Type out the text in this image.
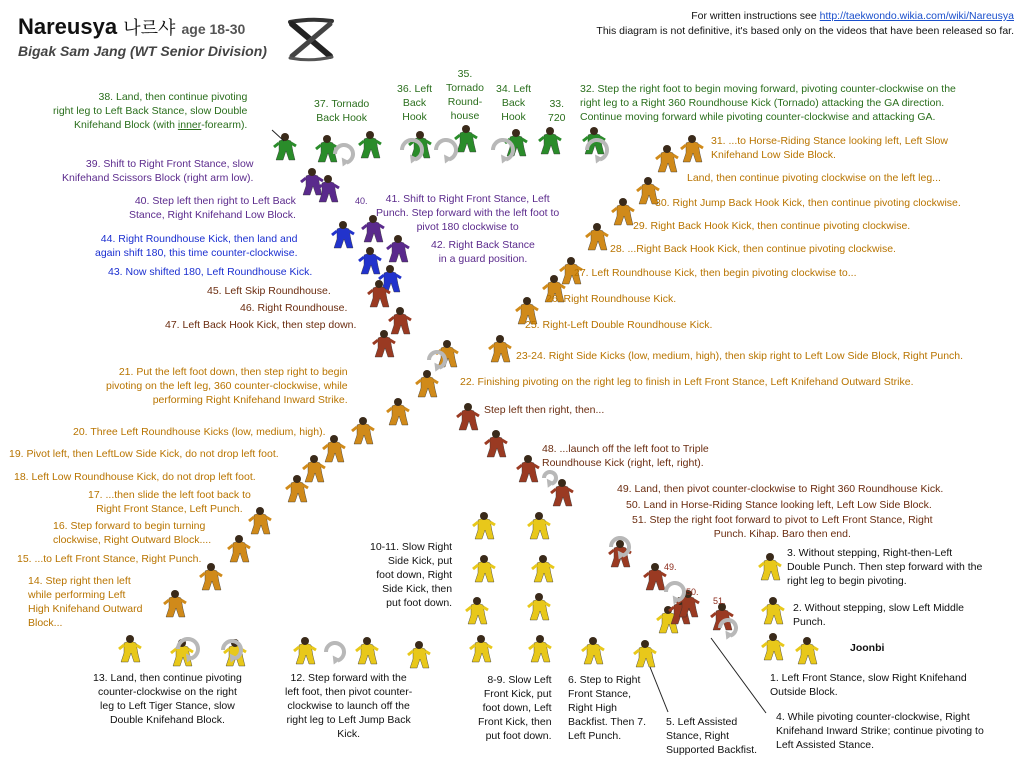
Nareusya 나르샤 age 18-30
Bigak Sam Jang (WT Senior Division)
For written instructions see http://taekwondo.wikia.com/wiki/Nareusya
This diagram is not definitive, it's based only on the videos that have been released so far.
1. Left Front Stance, slow Right Knifehand
Outside Block.
2. Without stepping, slow Left Middle
Punch.
3. Without stepping, Right-then-Left
Double Punch. Then step forward with the
right leg to begin pivoting.
4. While pivoting counter-clockwise, Right
Knifehand Inward Strike; continue pivoting to
Left Assisted Stance.
5. Left Assisted
Stance, Right
Supported Backfist.
6. Step to Right
Front Stance,
Right High
Backfist. Then 7.
Left Punch.
8-9. Slow Left
Front Kick, put
foot down, Left
Front Kick, then
put foot down.
10-11. Slow Right
Side Kick, put
foot down, Right
Side Kick, then
put foot down.
12. Step forward with the
left foot, then pivot counter-
clockwise to launch off the
right leg to Left Jump Back
Kick.
13. Land, then continue pivoting
counter-clockwise on the right
leg to Left Tiger Stance, slow
Double Knifehand Block.
14. Step right then left
while performing Left
High Knifehand Outward
Block...
15. ...to Left Front Stance, Right Punch.
16. Step forward to begin turning
clockwise, Right Outward Block....
17. ...then slide the left foot back to
Right Front Stance, Left Punch.
18. Left Low Roundhouse Kick, do not drop left foot.
19. Pivot left, then LeftLow Side Kick, do not drop left foot.
20. Three Left Roundhouse Kicks (low, medium, high).
21. Put the left foot down, then step right to begin
pivoting on the left leg, 360 counter-clockwise, while
performing Right Knifehand Inward Strike.
22. Finishing pivoting on the right leg to finish in Left Front Stance, Left Knifehand Outward Strike.
23-24. Right Side Kicks (low, medium, high), then skip right to Left Low Side Block, Right Punch.
25. Right-Left Double Roundhouse Kick.
26. Right Roundhouse Kick.
27. Left Roundhouse Kick, then begin pivoting clockwise to...
28. ...Right Back Hook Kick, then continue pivoting clockwise.
29. Right Back Hook Kick, then continue pivoting clockwise.
30. Right Jump Back Hook Kick, then continue pivoting clockwise.
Land, then continue pivoting clockwise on the left leg...
31. ...to Horse-Riding Stance looking left, Left Slow
Knifehand Low Side Block.
32. Step the right foot to begin moving forward, pivoting counter-clockwise on the
right leg to a Right 360 Roundhouse Kick (Tornado) attacking the GA direction.
Continue moving forward while pivoting counter-clockwise and attacking GA.
33.
720
34. Left
Back
Hook
35.
Tornado
Round-
house
36. Left
Back
Hook
37. Tornado
Back Hook
38. Land, then continue pivoting
right leg to Left Back Stance, slow Double
Knifehand Block (with inner-forearm).
39. Shift to Right Front Stance, slow
Knifehand Scissors Block (right arm low).
40. Step left then right to Left Back
Stance, Right Knifehand Low Block.
40.	41. Shift to Right Front Stance, Left
Punch. Step forward with the left foot to
pivot 180 clockwise to
42. Right Back Stance
in a guard position.
43. Now shifted 180, Left Roundhouse Kick.
44. Right Roundhouse Kick, then land and
again shift 180, this time counter-clockwise.
45. Left Skip Roundhouse.
46. Right Roundhouse.
47. Left Back Hook Kick, then step down.
Step left then right, then...
48. ...launch off the left foot to Triple
Roundhouse Kick (right, left, right).
49. Land, then pivot counter-clockwise to Right 360 Roundhouse Kick.
50. Land in Horse-Riding Stance looking left, Left Low Side Block.
51. Step the right foot forward to pivot to Left Front Stance, Right
Punch. Kihap. Baro then end.
49.
50.
51.
Joonbi
